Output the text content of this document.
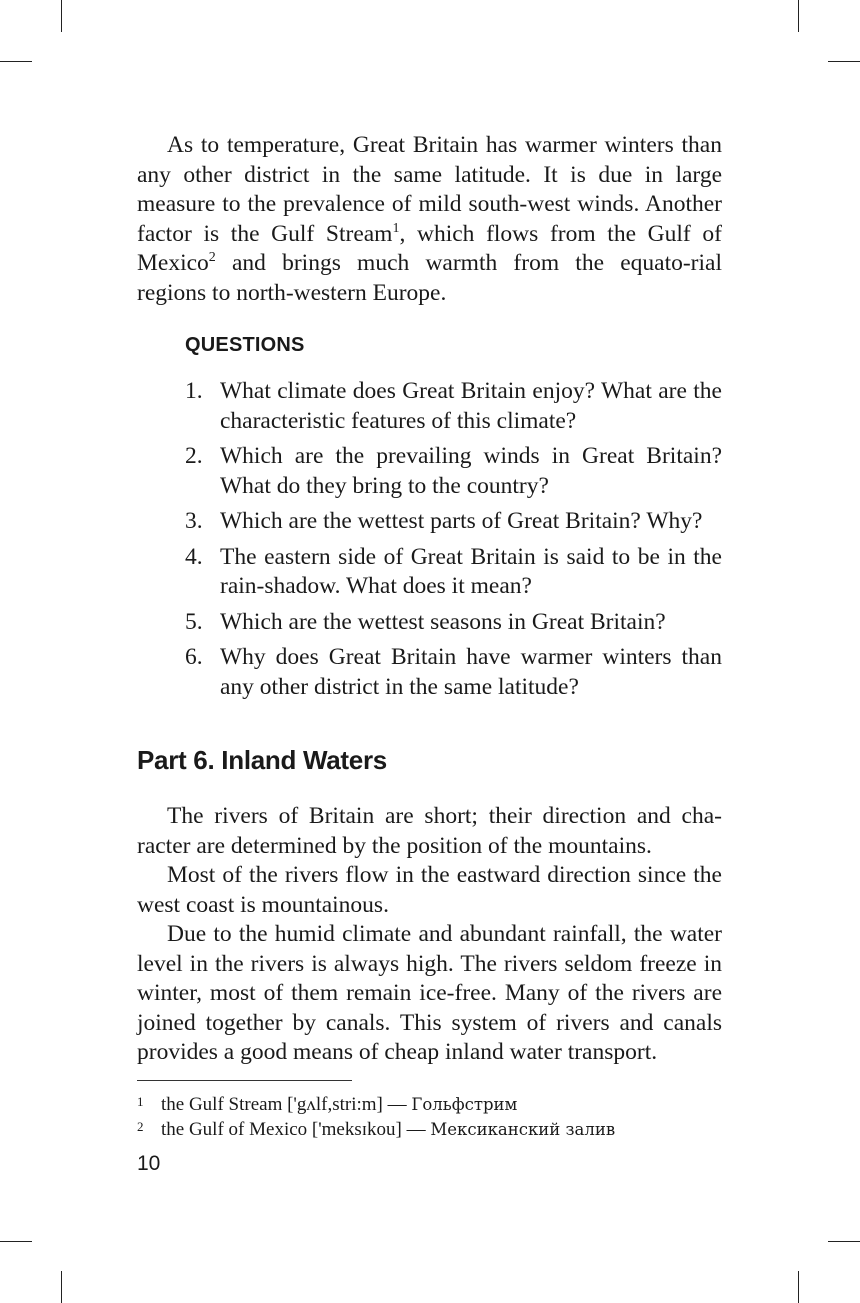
As to temperature, Great Britain has warmer winters than any other district in the same latitude. It is due in large measure to the prevalence of mild south-west winds. Another factor is the Gulf Stream$^1$, which flows from the Gulf of Mexico$^2$ and brings much warmth from the equato-rial regions to north-western Europe.

QUESTIONS
1. What climate does Great Britain enjoy? What are the characteristic features of this climate?
2. Which are the prevailing winds in Great Britain? What do they bring to the country?
3. Which are the wettest parts of Great Britain? Why?
4. The eastern side of Great Britain is said to be in the rain-shadow. What does it mean?
5. Which are the wettest seasons in Great Britain?
6. Why does Great Britain have warmer winters than any other district in the same latitude?
Part 6. Inland Waters

The rivers of Britain are short; their direction and cha-racter are determined by the position of the mountains.

Most of the rivers flow in the eastward direction since the west coast is mountainous.

Due to the humid climate and abundant rainfall, the water level in the rivers is always high. The rivers seldom freeze in winter, most of them remain ice-free. Many of the rivers are joined together by canals. This system of rivers and canals provides a good means of cheap inland water transport.

1 the Gulf Stream ['gʌlf,stri:m] — Гольфстрим
2 the Gulf of Mexico ['meksɪkou] — Мексиканский залив
10
